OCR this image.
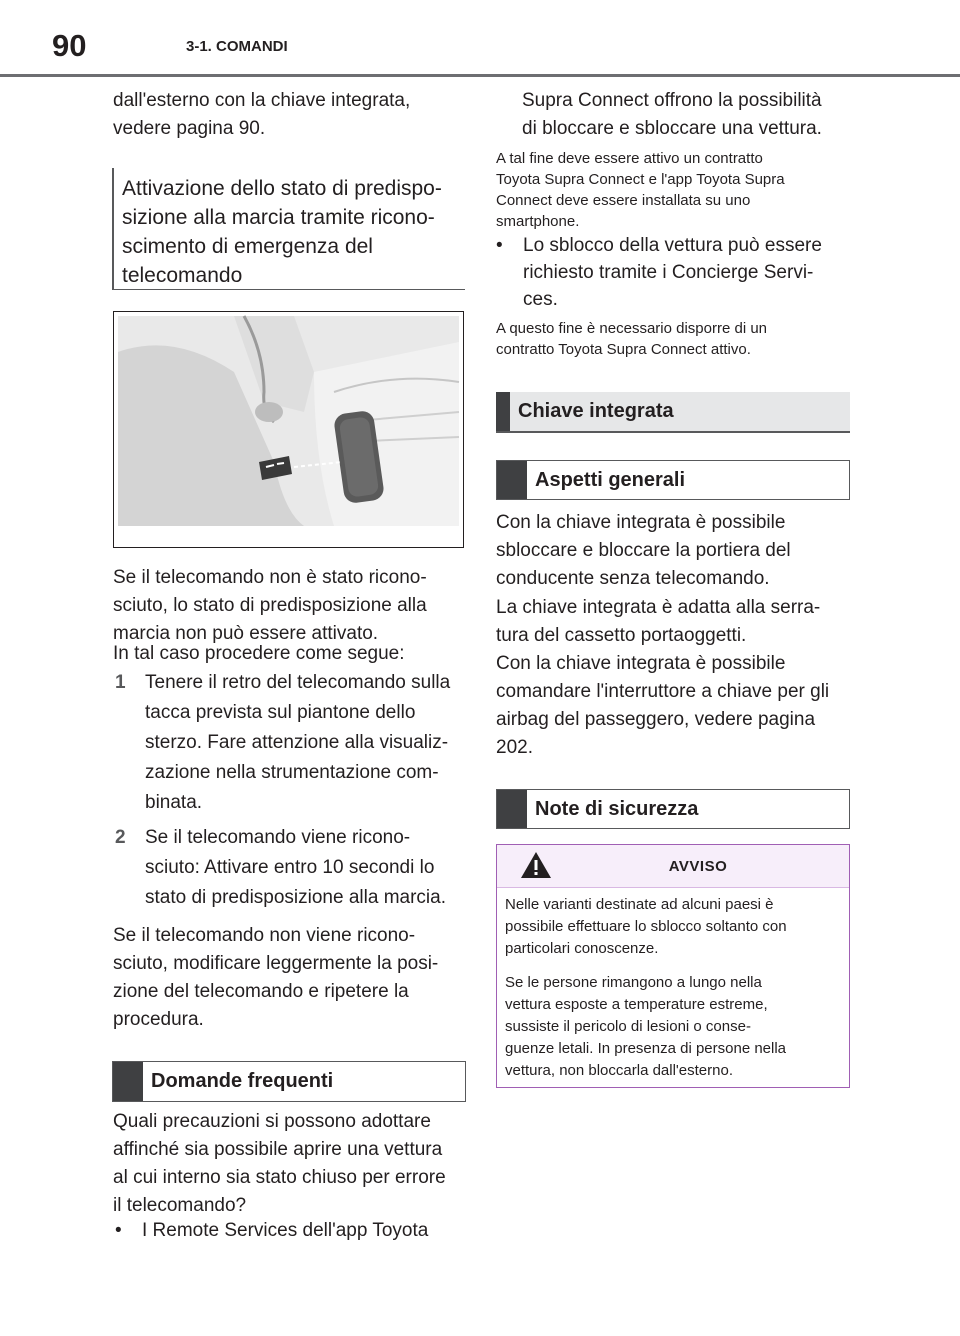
90	3-1. COMANDI

dall'esterno con la chiave integrata, vedere pagina 90.

Attivazione dello stato di predispo-
sizione alla marcia tramite ricono-
scimento di emergenza del
telecomando
Se il telecomando non è stato ricono-
sciuto, lo stato di predisposizione alla
marcia non può essere attivato.

In tal caso procedere come segue:

1 Tenere il retro del telecomando sulla
tacca prevista sul piantone dello
sterzo. Fare attenzione alla visualiz-
zazione nella strumentazione com-
binata.
2 Se il telecomando viene ricono-
sciuto: Attivare entro 10 secondi lo
stato di predisposizione alla marcia.
Se il telecomando non viene ricono-
sciuto, modificare leggermente la posi-
zione del telecomando e ripetere la
procedura.
Domande frequenti
Quali precauzioni si possono adottare
affinché sia possibile aprire una vettura
al cui interno sia stato chiuso per errore
il telecomando?
• I Remote Services dell'app Toyota
Supra Connect offrono la possibilità
di bloccare e sbloccare una vettura.
A tal fine deve essere attivo un contratto
Toyota Supra Connect e l'app Toyota Supra
Connect deve essere installata su uno
smartphone.
• Lo sblocco della vettura può essere
richiesto tramite i Concierge Servi-
ces.
A questo fine è necessario disporre di un
contratto Toyota Supra Connect attivo.
Chiave integrata
Aspetti generali
Con la chiave integrata è possibile
sbloccare e bloccare la portiera del
conducente senza telecomando.
La chiave integrata è adatta alla serra-
tura del cassetto portaoggetti.
Con la chiave integrata è possibile
comandare l'interruttore a chiave per gli
airbag del passeggero, vedere pagina
202.
Note di sicurezza
AVVISO
Nelle varianti destinate ad alcuni paesi è
possibile effettuare lo sblocco soltanto con
particolari conoscenze.
Se le persone rimangono a lungo nella
vettura esposte a temperature estreme,
sussiste il pericolo di lesioni o conse-
guenze letali. In presenza di persone nella
vettura, non bloccarla dall'esterno.
